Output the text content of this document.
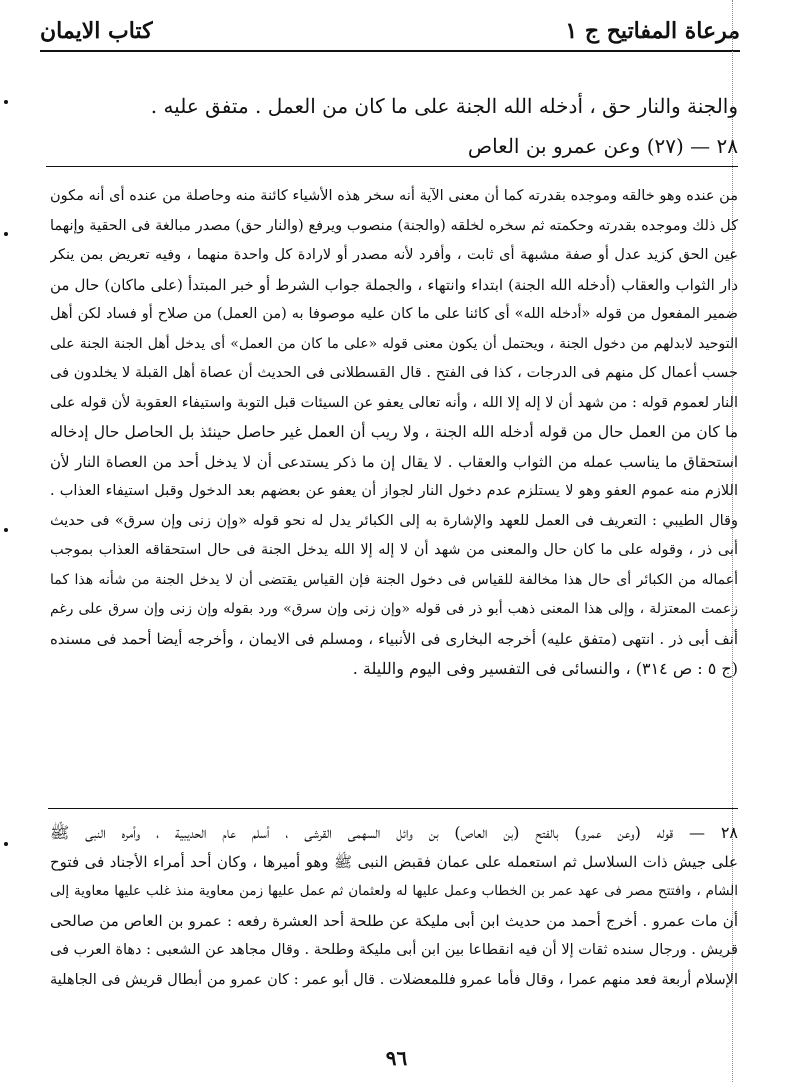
مرعاة المفاتيح ج ١
كتاب الايمان
والجنة والنار حق ، أدخله الله الجنة على ما كان من العمل . متفق عليه .
٢٨ — (٢٧) وعن عمرو بن العاص
من عنده وهو خالقه وموجده بقدرته كما أن معنى الآية أنه سخر هذه الأشياء كائنة منه وحاصلة من عنده أى أنه مكون
كل ذلك وموجده بقدرته وحكمته ثم سخره لخلقه (والجنة) منصوب ويرفع (والنار حق) مصدر مبالغة فى الحقية وإنهما
عين الحق كزيد عدل أو صفة مشبهة أى ثابت ، وأفرد لأنه مصدر أو لارادة كل واحدة منهما ، وفيه تعريض بمن ينكر
دار الثواب والعقاب (أدخله الله الجنة) ابتداء وانتهاء ، والجملة جواب الشرط أو خبر المبتدأ (على ماكان) حال من
ضمير المفعول من قوله «أدخله الله» أى كائنا على ما كان عليه موصوفا به (من العمل) من صلاح أو فساد لكن أهل
التوحيد لابدلهم من دخول الجنة ، ويحتمل أن يكون معنى قوله «على ما كان من العمل» أى يدخل أهل الجنة الجنة على
حسب أعمال كل منهم فى الدرجات ، كذا فى الفتح . قال القسطلانى فى الحديث أن عصاة أهل القبلة لا يخلدون فى
النار لعموم قوله : من شهد أن لا إله إلا الله ، وأنه تعالى يعفو عن السيئات قبل التوبة واستيفاء العقوبة لأن قوله على
ما كان من العمل حال من قوله أدخله الله الجنة ، ولا ريب أن العمل غير حاصل حينئذ بل الحاصل حال إدخاله
استحقاق ما يناسب عمله من الثواب والعقاب . لا يقال إن ما ذكر يستدعى أن لا يدخل أحد من العصاة النار لأن
اللازم منه عموم العفو وهو لا يستلزم عدم دخول النار لجواز أن يعفو عن بعضهم بعد الدخول وقبل استيفاء العذاب .
وقال الطيبي : التعريف فى العمل للعهد والإشارة به إلى الكبائر يدل له نحو قوله «وإن زنى وإن سرق» فى حديث
أبى ذر ، وقوله على ما كان حال والمعنى من شهد أن لا إله إلا الله يدخل الجنة فى حال استحقاقه العذاب بموجب
أعماله من الكبائر أى حال هذا مخالفة للقياس فى دخول الجنة فإن القياس يقتضى أن لا يدخل الجنة من شأنه هذا كما
زعمت المعتزلة ، وإلى هذا المعنى ذهب أبو ذر فى قوله «وإن زنى وإن سرق» ورد بقوله وإن زنى وإن سرق على رغم
أنف أبى ذر . انتهى (متفق عليه) أخرجه البخارى فى الأنبياء ، ومسلم فى الايمان ، وأخرجه أيضا أحمد فى مسنده
(ج ٥ : ص ٣١٤) ، والنسائى فى التفسير وفى اليوم والليلة .
٢٨ — قوله (وعن عمرو) بالفتح (بن العاص) بن وائل السهمى القرشى ، أسلم عام الحديبية ، وأمره النبى ﷺ
على جيش ذات السلاسل ثم استعمله على عمان فقبض النبى ﷺ وهو أميرها ، وكان أحد أمراء الأجناد فى فتوح
الشام ، وافتتح مصر فى عهد عمر بن الخطاب وعمل عليها له ولعثمان ثم عمل عليها زمن معاوية منذ غلب عليها معاوية إلى
أن مات عمرو . أخرج أحمد من حديث ابن أبى مليكة عن طلحة أحد العشرة رفعه : عمرو بن العاص من صالحى
قريش . ورجال سنده ثقات إلا أن فيه انقطاعا بين ابن أبى مليكة وطلحة . وقال مجاهد عن الشعبى : دهاة العرب فى
الإسلام أربعة فعد منهم عمرا ، وقال فأما عمرو فللمعضلات . قال أبو عمر : كان عمرو من أبطال قريش فى الجاهلية
٩٦
